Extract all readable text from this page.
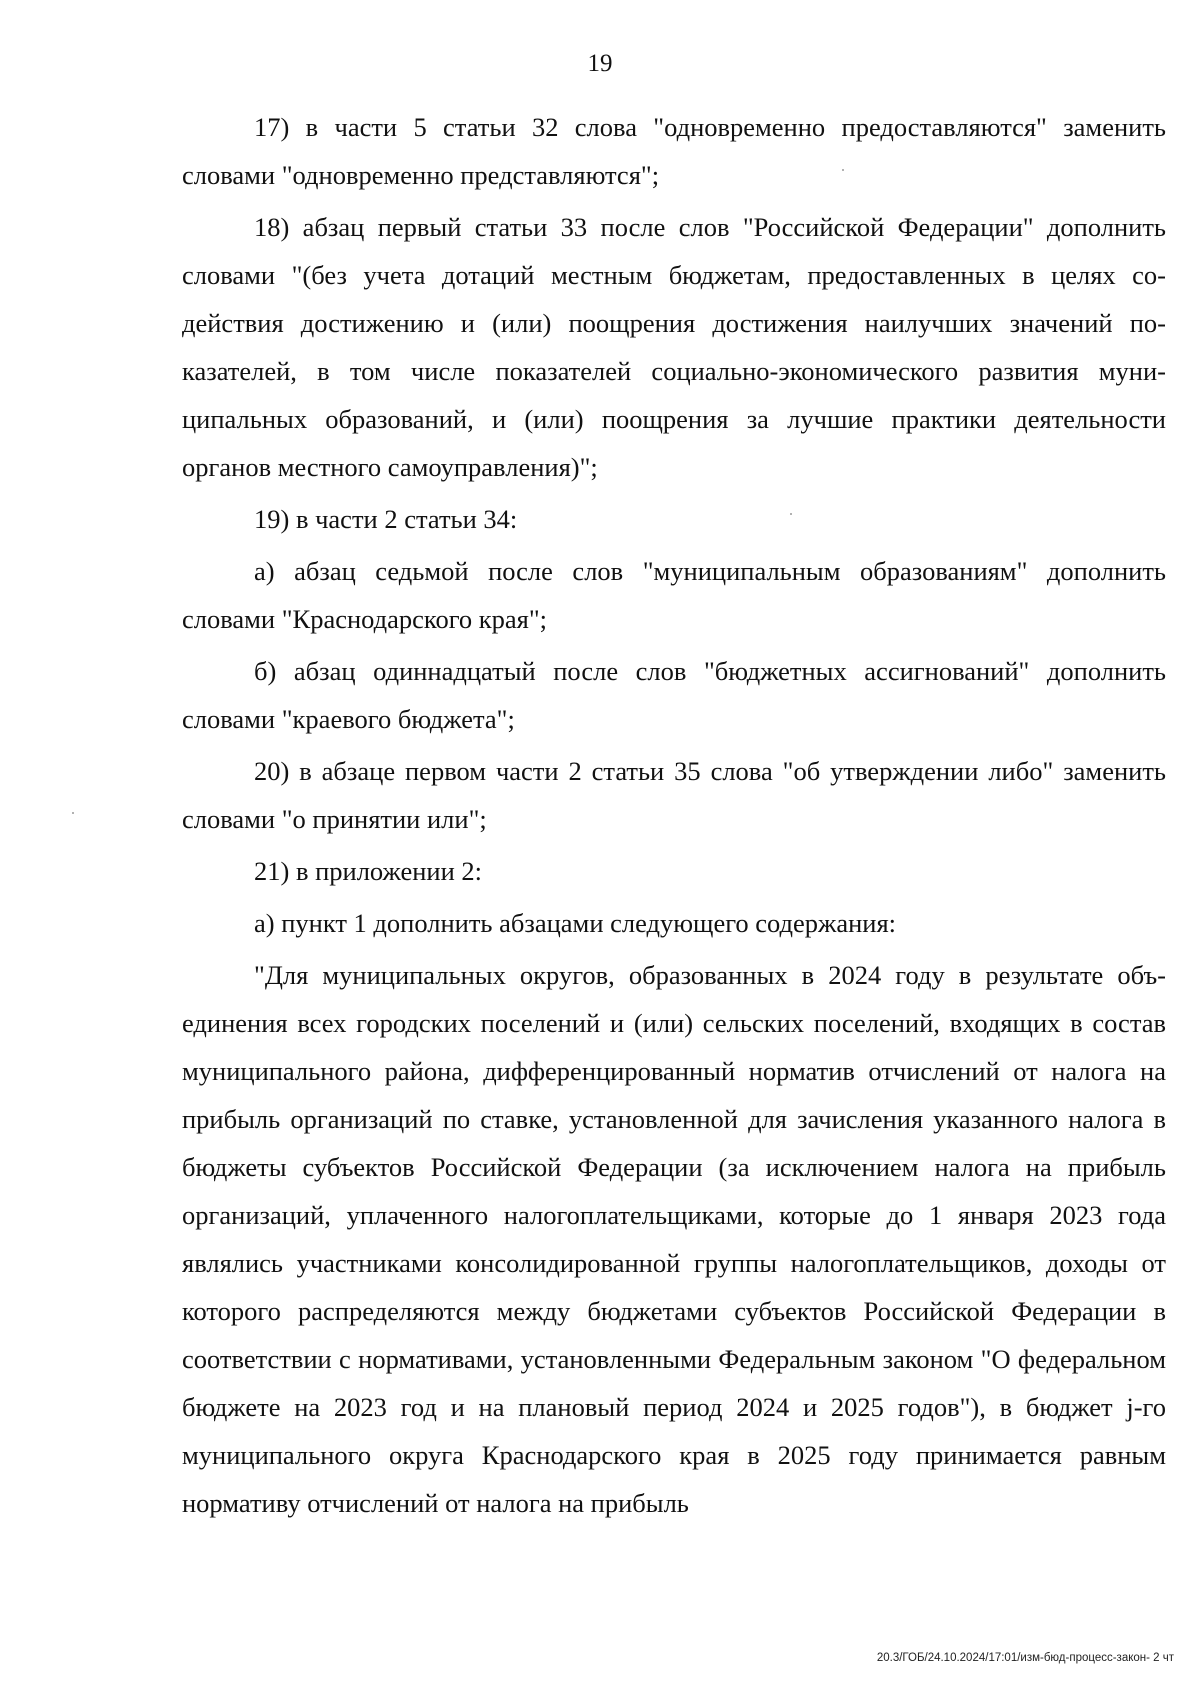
19

17) в части 5 статьи 32 слова "одновременно предоставляются" заменить словами "одновременно представляются";

18) абзац первый статьи 33 после слов "Российской Федерации" дополнить словами "(без учета дотаций местным бюджетам, предоставленных в целях содействия достижению и (или) поощрения достижения наилучших значений показателей, в том числе показателей социально-экономического развития муниципальных образований, и (или) поощрения за лучшие практики деятельности органов местного самоуправления)";

19) в части 2 статьи 34:

а) абзац седьмой после слов "муниципальным образованиям" дополнить словами "Краснодарского края";

б) абзац одиннадцатый после слов "бюджетных ассигнований" дополнить словами "краевого бюджета";

20) в абзаце первом части 2 статьи 35 слова "об утверждении либо" заменить словами "о принятии или";

21) в приложении 2:

а) пункт 1 дополнить абзацами следующего содержания:

"Для муниципальных округов, образованных в 2024 году в результате объединения всех городских поселений и (или) сельских поселений, входящих в состав муниципального района, дифференцированный норматив отчислений от налога на прибыль организаций по ставке, установленной для зачисления указанного налога в бюджеты субъектов Российской Федерации (за исключением налога на прибыль организаций, уплаченного налогоплательщиками, которые до 1 января 2023 года являлись участниками консолидированной группы налогоплательщиков, доходы от которого распределяются между бюджетами субъектов Российской Федерации в соответствии с нормативами, установленными Федеральным законом "О федеральном бюджете на 2023 год и на плановый период 2024 и 2025 годов"), в бюджет j-го муниципального округа Краснодарского края в 2025 году принимается равным нормативу отчислений от налога на прибыль

20.3/ГОБ/24.10.2024/17:01/изм-бюд-процесс-закон- 2 чт
